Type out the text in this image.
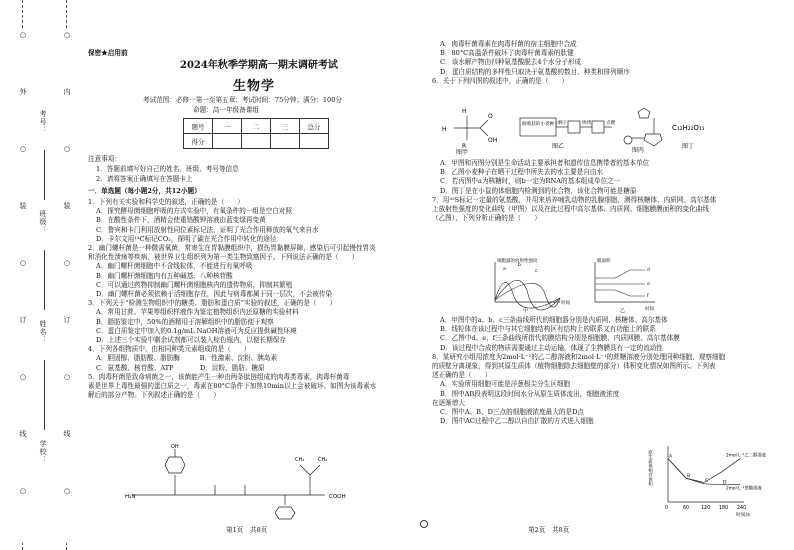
○
外
○
装
○
订
○
线
○
○
内
○
装
○
订
○
线
○
学校：
姓名：
班级：
考号：
保密★启用前
2024年秋季学期高一期末调研考试
生物学
考试范围：必修一第一至第五章；考试时间：75分钟；满分：100分
命题：高一年级备课组
题号	一	二	三	总分
得分				
注意事项：
1．答题前填写好自己的姓名、班级、考号等信息
2．请将答案正确填写在答题卡上
一．单选题（每小题2分，共12小题）
1．下列有关实验和科学史的叙述，正确的是（　　）
A．探究酵母菌细胞呼吸的方式实验中，有氧条件的一组是空白对照
B．在酸性条件下，酒精会使重铬酸钾溶液由蓝变绿再变黄
C．鲁宾和卡门利用放射性同位素标记法，证明了光合作用释放的氧气来自水
D．卡尔文用¹⁴C标记CO₂，探明了碳在光合作用中转化的途径
2．幽门螺杆菌是一种微需氧菌，常寄生在胃黏膜组织中，损伤胃黏膜屏障，感染后可引起慢性胃炎
和消化性溃疡等疾病，被世界卫生组织列为第一类生物致癌因子。下列说法正确的是（　　）
A．幽门螺杆菌细胞中不含线粒体，不能进行有氧呼吸
B．幽门螺杆菌细胞内有五种碱基、八种核苷酸
C．可以通过药物抑制幽门螺杆菌细胞核内的遗传物质，抑制其繁殖
D．幽门螺杆菌必须依赖于活细胞存在，因此与病毒都属于同一层次，不会被传染
3．下列关于“检测生物组织中的糖类、脂肪和蛋白质”实验的叙述，正确的是（　　）
A．常用甘蔗、苹果等组织样液作为鉴定植物组织内还原糖的实验材料
B．脂肪鉴定中，50%的酒精用于溶解组织中的脂肪便于观察
C．蛋白质鉴定中加入的0.1g/mL NaOH溶液可为反应提供碱性环境
D．上述三个实验中剩余试剂都可以装入棕色瓶内，以便长期保存
4．下列各组物质中，由相同种类元素组成的是（　　）
A．胆固醇、脂肪酸、脂肪酶　　　B．性激素、淀粉、胰岛素
C．氨基酸、核苷酸、ATP　　　　D．淀粉、脂肪、糖原
5．肉毒杆菌是致命病菌之一，该菌能产生一种由两条肽链组成的肉毒类毒素，肉毒杆菌毒
素是世界上毒性最强的蛋白质之一，毒素在80°C条件下加热10min以上会被破坏。如图为该毒素水
解后的部分产物。下列叙述正确的是（　　）
H₂N
OH
COOH
CH₃	CH₃
第1页　共8页
A．肉毒杆菌毒素在肉毒杆菌的宿主细胞中合成
B．80°C高温条件破坏了肉毒杆菌毒素的肽键
C．该水解产物由四种氨基酸脱去4个水分子形成
D．蛋白质结构的多样性只取决于氨基酸的数目、种类和排列顺序
6．关于下列四图的叙述中，正确的是（　　）
H
H
R
O
OH
C₁₂H₂₂O₁₁
图甲
刚收获的小麦种子 晒干	烘烤	点燃
图乙
图丙
图丁
A．甲图和丙图分别是生命活动主要承担者和遗传信息携带者的基本单位
B．乙图小麦种子在晒干过程中所失去的水主要是自由水
C．若丙图中a为核糖时，则b一定为RNA的基本组成单位之一
D．图丁是在小鼠的体细胞内检测到的化合物，该化合物可能是糖原
7．用³⁵S标记一定量的氨基酸，并用来培养哺乳动物的乳腺细胞，测得核糖体、内质网、高尔基体
上放射性强度的变化曲线（甲图）以及在此过程中高尔基体、内质网、细胞膜膜面积的变化曲线
（乙图），下列分析正确的是（　　）
细胞器的放射性强度
时间
a
b
c
甲
膜面积
时间
d
e
f
乙
A．甲图中的a、b、c三条曲线所代的细胞器分别是内质网、核糖体、高尔基体
B．线粒体在该过程中与其它细胞结构区有结构上的联系又有功能上的联系
C．乙图中d、e、f三条曲线所指代的膜结构分别是细胞膜、内质网膜、高尔基体膜
D．该过程中合成的物质需要通过主动运输，体现了生物膜具有一定的流动性
8．某研究小组用浓度为2mol·L⁻¹的乙二醇溶液和2mol·L⁻¹的蔗糖溶液分别处理同种细胞，观察细胞
的质壁分离现象，得到其原生质体（植物细胞除去细胞壁的部分）体积变化情况如图所示。下列表
述正确的是（　　）
A．实验所用细胞可能是洋葱根尖分生区细胞
B．图中AB段表明这段时间水分从原生质体流出，细胞液浓度
在逐渐增大
C．图中A、B、D三点的细胞液浓度最大的是D点
D．图中AC过程中乙二醇以自由扩散的方式进入细胞
原生质体相对体积
0	60 120 180 240
时间/s
2mol·L⁻¹乙二醇溶液
2mol·L⁻¹蔗糖溶液
A
B
C	D
第2页　共8页
